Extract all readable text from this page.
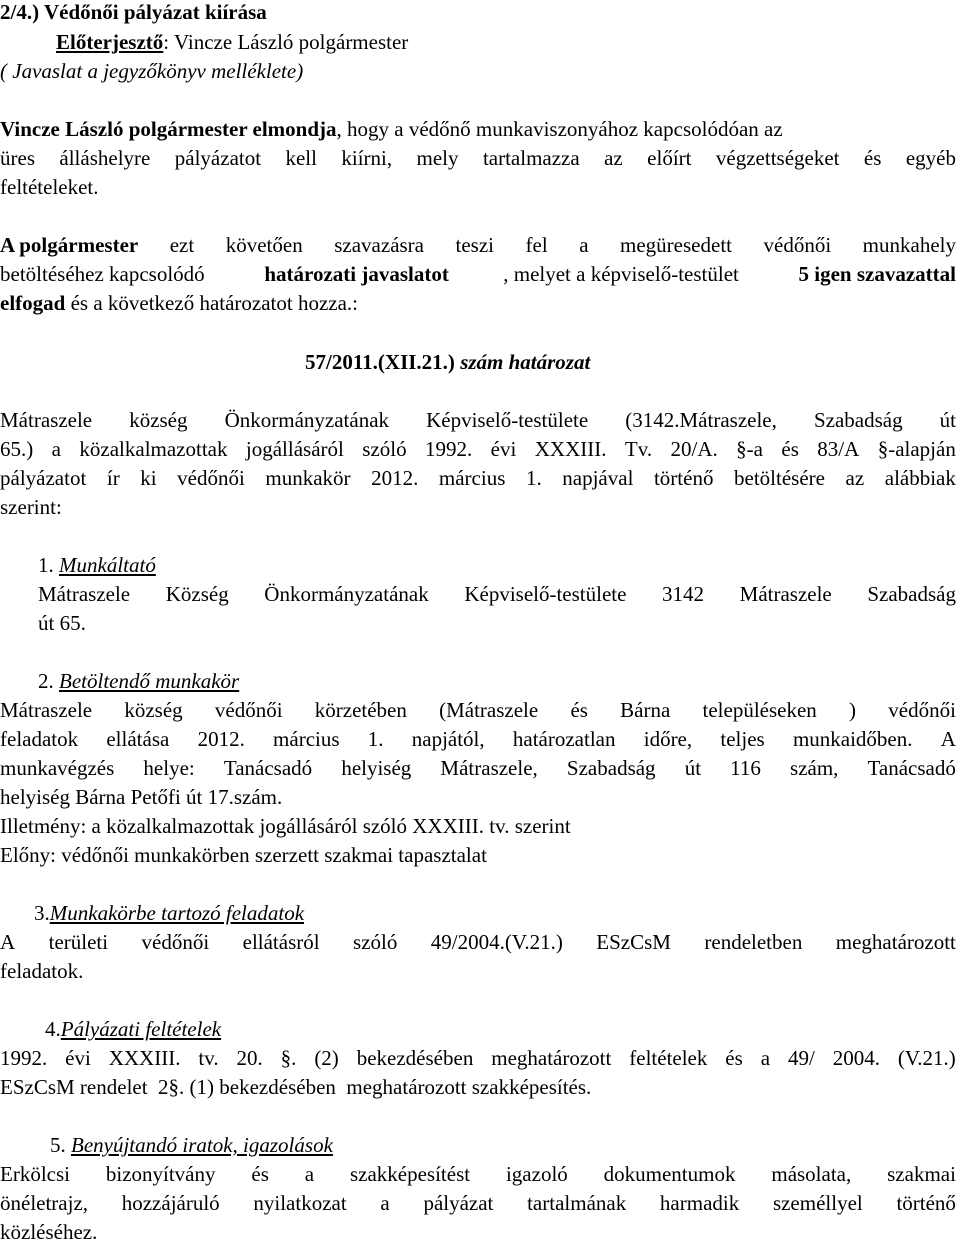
2/4.) Védőnői pályázat kiírása
Előterjesztő: Vincze László polgármester
( Javaslat a jegyzőkönyv melléklete)
Vincze László polgármester elmondja, hogy a védőnő munkaviszonyához kapcsolódóan az
üres álláshelyre pályázatot kell kiírni, mely tartalmazza az előírt végzettségeket és egyéb
feltételeket.
A polgármester ezt követően szavazásra teszi fel a megüresedett védőnői munkahely
betöltéséhez kapcsolódó	határozati javaslatot	, melyet a képviselő-testület	5 igen szavazattal
elfogad és a következő határozatot hozza.:
57/2011.(XII.21.) szám határozat
Mátraszele község Önkormányzatának Képviselő-testülete (3142.Mátraszele, Szabadság út
65.) a közalkalmazottak jogállásáról szóló 1992. évi XXXIII. Tv. 20/A. §-a és 83/A §-alapján
pályázatot ír ki védőnői munkakör 2012. március 1. napjával történő betöltésére az alábbiak
szerint:
1. Munkáltató
Mátraszele Község Önkormányzatának Képviselő-testülete 3142 Mátraszele Szabadság
út 65.
2. Betöltendő munkakör
Mátraszele község védőnői körzetében (Mátraszele és Bárna településeken ) védőnői
feladatok ellátása 2012. március 1. napjától, határozatlan időre, teljes munkaidőben. A
munkavégzés helye: Tanácsadó helyiség Mátraszele, Szabadság út 116 szám, Tanácsadó
helyiség Bárna Petőfi út 17.szám.
Illetmény: a közalkalmazottak jogállásáról szóló XXXIII. tv. szerint
Előny: védőnői munkakörben szerzett szakmai tapasztalat
3.Munkakörbe tartozó feladatok
A területi védőnői ellátásról szóló 49/2004.(V.21.) ESzCsM rendeletben meghatározott
feladatok.
4.Pályázati feltételek
1992. évi XXXIII. tv. 20. §. (2) bekezdésében meghatározott feltételek és a 49/ 2004. (V.21.)
ESzCsM rendelet  2§. (1) bekezdésében  meghatározott szakképesítés.
5. Benyújtandó iratok, igazolások
Erkölcsi bizonyítvány és a szakképesítést igazoló dokumentumok másolata, szakmai
önéletrajz, hozzájáruló nyilatkozat a pályázat tartalmának harmadik személlyel történő
közléséhez.
